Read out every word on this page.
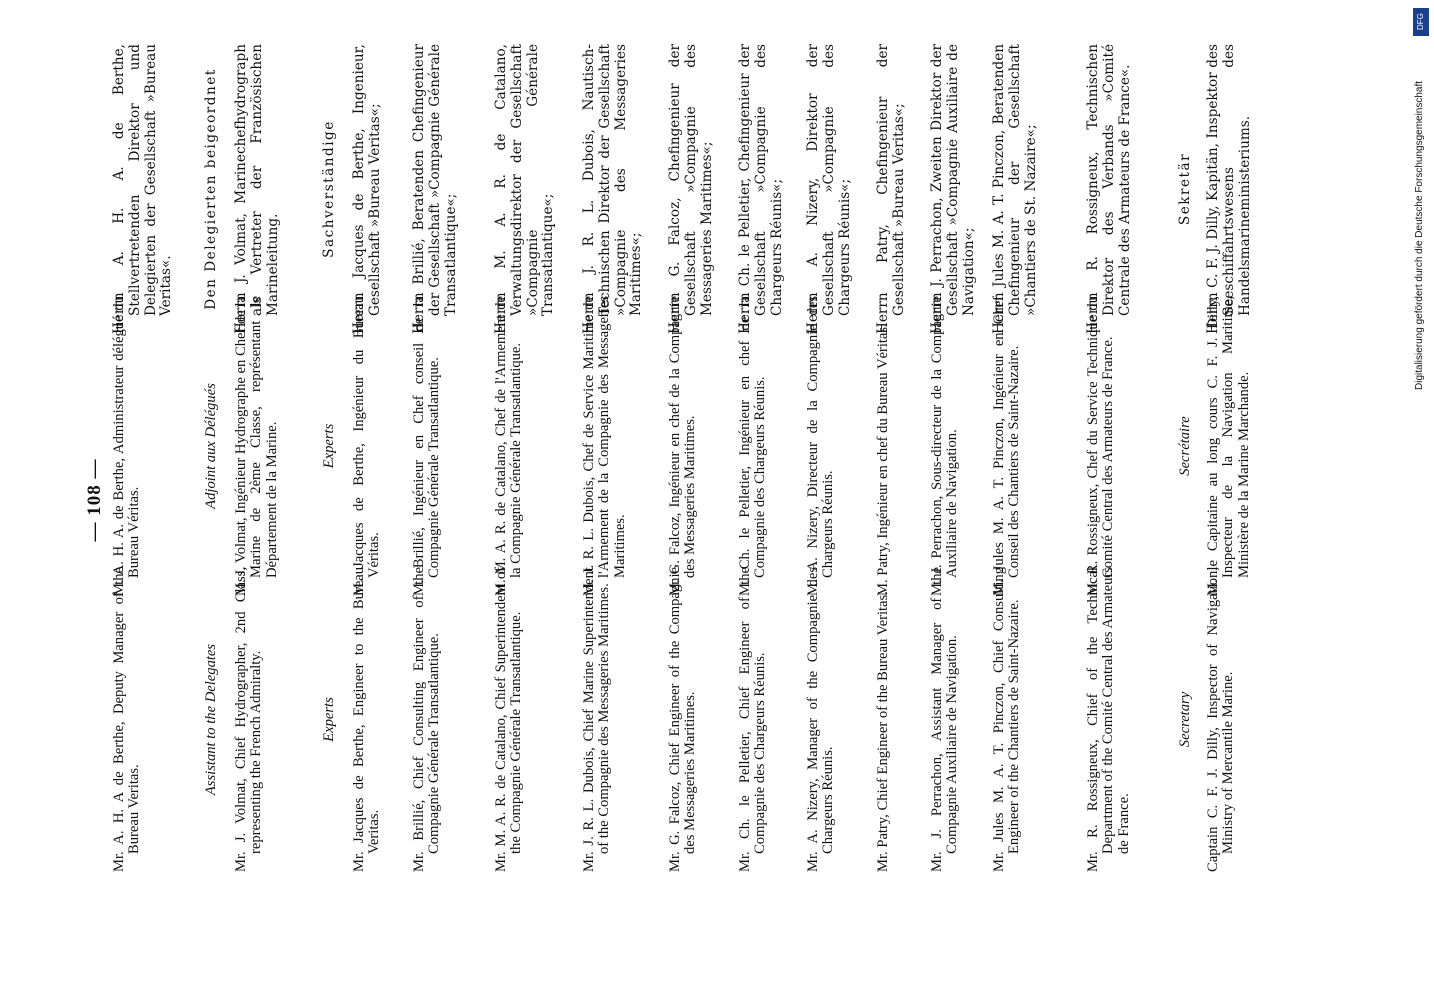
DFG
Digitalisierung gefördert durch die Deutsche Forschungsgemeinschaft
— 108 —
Mr. A. H. A de Berthe, Deputy Manager of the Bureau Veritas.
Assistant to the Delegates Mr. J. Volmat, Chief Hydrographer, 2nd Class, representing the French Admiralty.	Experts Mr. Jacques de Berthe, Engineer to the Bureau Veritas. Mr. Brillié, Chief Consulting Engineer of the Compagnie Générale Transatlantique.	Mr. M. A. R. de Catalano, Chief Superintendent of the Compagnie Générale Transatlantique.	Mr. J. R. L. Dubois, Chief Marine Superintendent of the Compagnie des Messageries Maritimes.	Mr. G. Falcoz, Chief Engineer of the Compagnie des Messageries Maritimes.	Mr. Ch. le Pelletier, Chief Engineer of the Compagnie des Chargeurs Réunis.	Mr. A. Nizery, Manager of the Compagnie des Chargeurs Réunis.	Mr. Patry, Chief Engineer of the Bureau Veritas.	Mr. J. Perrachon, Assistant Manager of the Compagnie Auxiliaire de Navigation. Mr. Jules M. A. T. Pinczon, Chief Consulting Engineer of the Chantiers de Saint-Nazaire.	Mr. R. Rossigneux, Chief of the Technical Department of the Comité Central des Armateurs de France.
Secretary Captain C. F. J. Dilly, Inspector of Navigation, Ministry of Mercantile Marine.
M. A. H. A. de Berthe, Administrateur délégué du Bureau Véritas.
Adjoint aux Délégués M. J. Volmat, Ingénieur Hydrographe en Chef de la Marine de 2ème Classe, représentant le Département de la Marine.	Experts M. Jacques de Berthe, Ingénieur du Bureau Véritas. M. Brillié, Ingénieur en Chef conseil de la Compagnie Générale Transatlantique.	M. M. A. R. de Catalano, Chef de l'Armement de la Compagnie Générale Transatlantique.	M. J. R. L. Dubois, Chef de Service Maritime de l'Armement de la Compagnie des Messageries Maritimes.	M. G. Falcoz, Ingénieur en chef de la Compagnie des Messageries Maritimes.	M. Ch. le Pelletier, Ingénieur en chef de la Compagnie des Chargeurs Réunis.	M. A. Nizery, Directeur de la Compagnie des Chargeurs Réunis.	M. Patry, Ingénieur en chef du Bureau Véritas.	M. J. Perrachon, Sous-directeur de la Compagnie Auxiliaire de Navigation. M. Jules M. A. T. Pinczon, Ingénieur en Chef Conseil des Chantiers de Saint-Nazaire.	M. R. Rossigneux, Chef du Service Technique du Comité Central des Armateurs de France.	Secrétaire M. le Capitaine au long cours C. F. J. Dilly, Inspecteur de la Navigation Maritime, Ministère de la Marine Marchande.
Herrn A. H. A. de Berthe, Stellvertretenden Direktor und Delegierten der Gesellschaft »Bureau Veritas«. Den Delegierten beigeordnet Herrn J. Volmat, Marinechefhydrograph als Vertreter der Französischen Marineleitung.
Sachverständige Herrn Jacques de Berthe, Ingenieur, Gesellschaft »Bureau Veritas«; Herrn Brillié, Beratenden Chefingenieur der Gesellschaft »Compagnie Générale Transatlantique«;	Herrn M. A. R. de Catalano, Verwaltungsdirektor der Gesellschaft »Compagnie Générale Transatlantique«; Herrn J. R. L. Dubois, Nautisch-Technischen Direktor der Gesellschaft »Compagnie des Messageries Maritimes«; Herrn G. Falcoz, Chefingenieur der Gesellschaft »Compagnie des Messageries Maritimes«; Herrn Ch. le Pelletier, Chefingenieur der Gesellschaft »Compagnie des Chargeurs Réunis«; Herrn A. Nizery, Direktor der Gesellschaft »Compagnie des Chargeurs Réunis«; Herrn Patry, Chefingenieur der Gesellschaft »Bureau Veritas«; Herrn J. Perrachon, Zweiten Direktor der Gesellschaft »Compagnie Auxiliaire de Navigation«; Herrn Jules M. A. T. Pinczon, Beratenden Chefingenieur der Gesellschaft »Chantiers de St. Nazaire«;	Herrn R. Rossigneux, Technischen Direktor des Verbands »Comité Centrale des Armateurs de France«.	Sekretär Herrn C. F. J. Dilly, Kapitän, Inspektor des Seeschiffahrtswesens des Handelsmarineministeriums.
